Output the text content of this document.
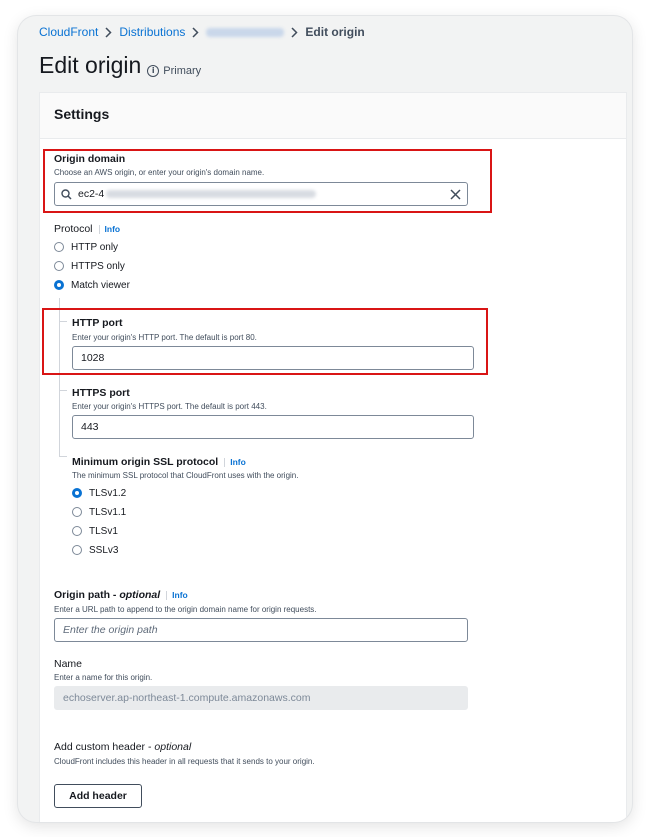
CloudFront Distributions	Edit origin
Edit origin	i Primary
Settings
Origin domain
Choose an AWS origin, or enter your origin's domain name.
ec2-4
Protocol Info
HTTP only
HTTPS only
Match viewer
HTTP port
Enter your origin's HTTP port. The default is port 80.
1028
HTTPS port
Enter your origin's HTTPS port. The default is port 443.
443
Minimum origin SSL protocol Info
The minimum SSL protocol that CloudFront uses with the origin.
TLSv1.2
TLSv1.1
TLSv1
SSLv3
Origin path - optional Info
Enter a URL path to append to the origin domain name for origin requests.
Enter the origin path
Name
Enter a name for this origin.
echoserver.ap-northeast-1.compute.amazonaws.com
Add custom header - optional
CloudFront includes this header in all requests that it sends to your origin.
Add header
